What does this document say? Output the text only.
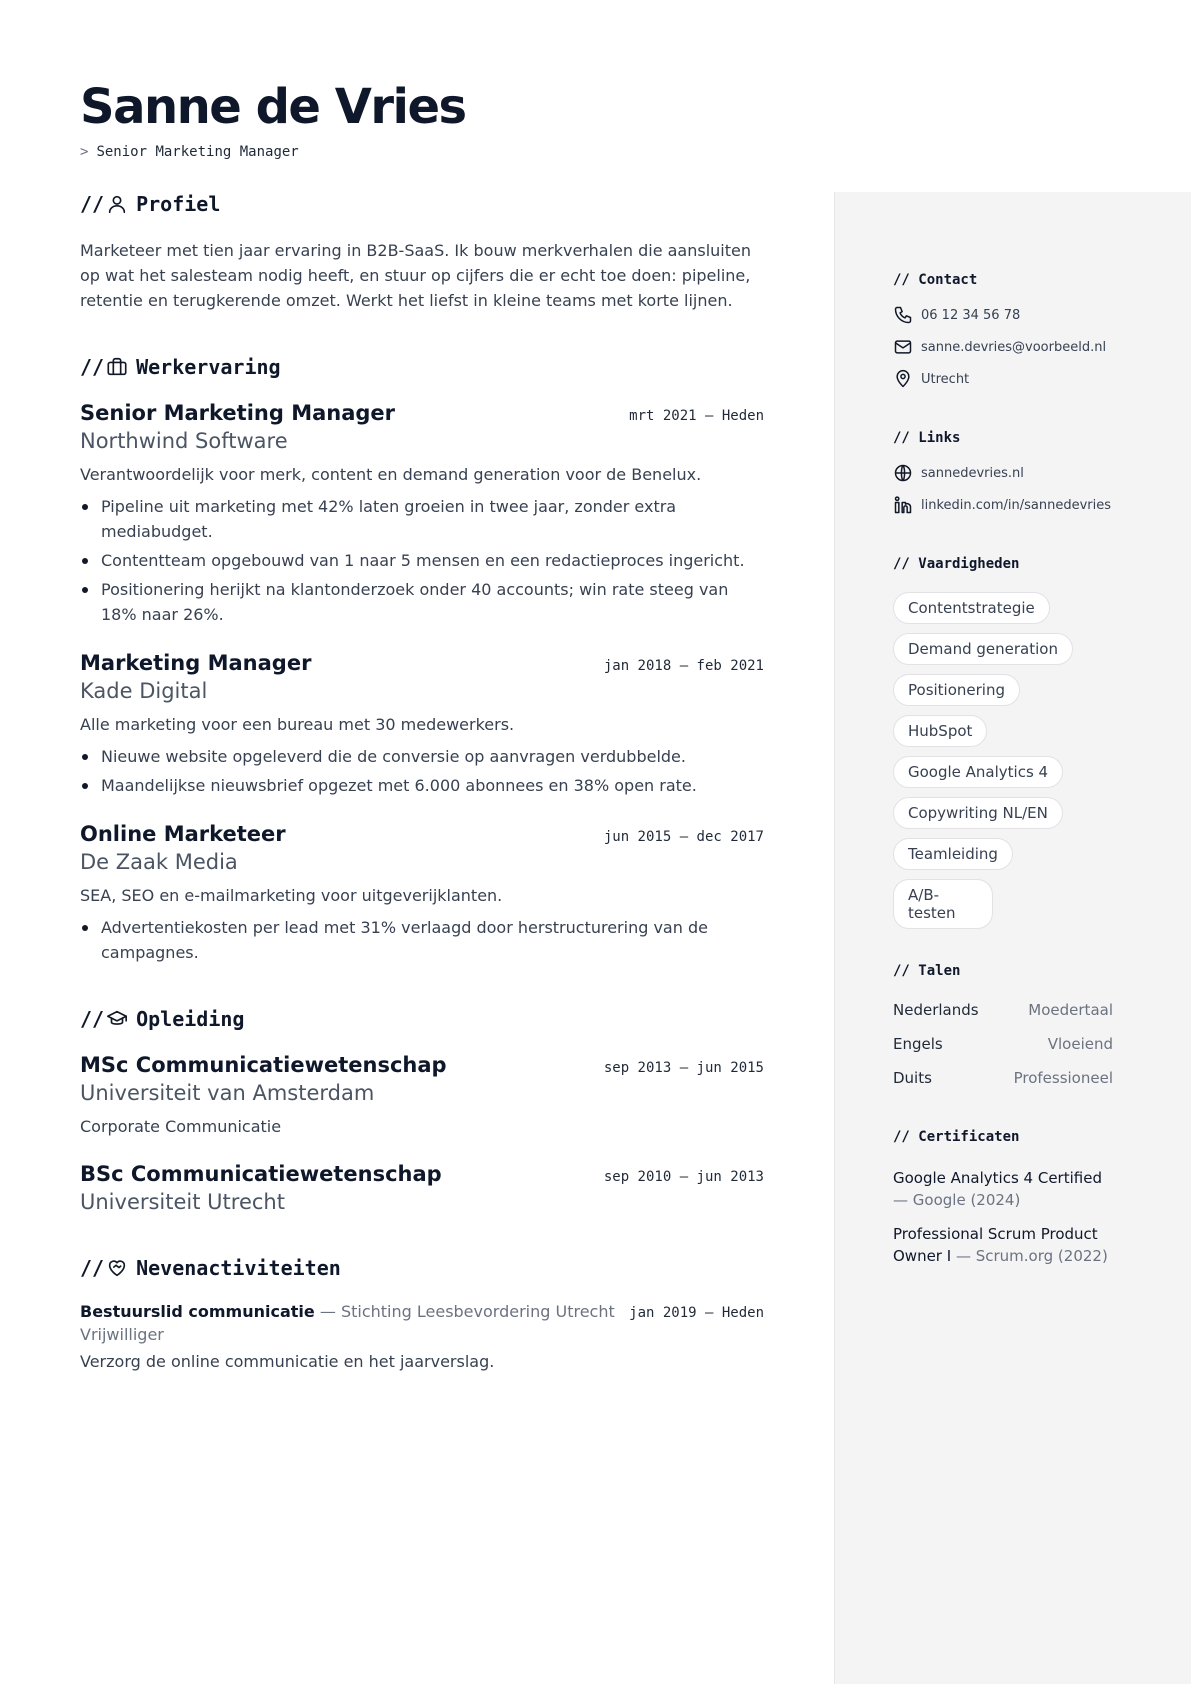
Sanne de Vries
> Senior Marketing Manager
// Profiel

Marketeer met tien jaar ervaring in B2B-SaaS. Ik bouw merkverhalen die aansluiten op wat het salesteam nodig heeft, en stuur op cijfers die er echt toe doen: pipeline, retentie en terugkerende omzet. Werkt het liefst in kleine teams met korte lijnen.

// Werkervaring
Senior Marketing Manager	mrt 2021 – Heden
Northwind Software
Verantwoordelijk voor merk, content en demand generation voor de Benelux.
Pipeline uit marketing met 42% laten groeien in twee jaar, zonder extra mediabudget.
Contentteam opgebouwd van 1 naar 5 mensen en een redactieproces ingericht.
Positionering herijkt na klantonderzoek onder 40 accounts; win rate steeg van 18% naar 26%.
Marketing Manager	jan 2018 – feb 2021
Kade Digital
Alle marketing voor een bureau met 30 medewerkers.
Nieuwe website opgeleverd die de conversie op aanvragen verdubbelde.
Maandelijkse nieuwsbrief opgezet met 6.000 abonnees en 38% open rate.
Online Marketeer	jun 2015 – dec 2017
De Zaak Media
SEA, SEO en e-mailmarketing voor uitgeverijklanten.
Advertentiekosten per lead met 31% verlaagd door herstructurering van de campagnes.
// Opleiding
MSc Communicatiewetenschap	sep 2013 – jun 2015
Universiteit van Amsterdam
Corporate Communicatie
BSc Communicatiewetenschap	sep 2010 – jun 2013
Universiteit Utrecht
// Nevenactiviteiten
Bestuurslid communicatie — Stichting Leesbevordering Utrecht jan 2019 – Heden
Vrijwilliger
Verzorg de online communicatie en het jaarverslag.
// Contact
06 12 34 56 78
sanne.devries@voorbeeld.nl
Utrecht
// Links
sannedevries.nl
linkedin.com/in/sannedevries
// Vaardigheden
Contentstrategie
Demand generation
Positionering
HubSpot
Google Analytics 4
Copywriting NL/EN
Teamleiding
A/B-testen
// Talen
Nederlands	Moedertaal
Engels	Vloeiend
Duits	Professioneel
// Certificaten
Google Analytics 4 Certified — Google (2024)
Professional Scrum Product Owner I — Scrum.org (2022)
